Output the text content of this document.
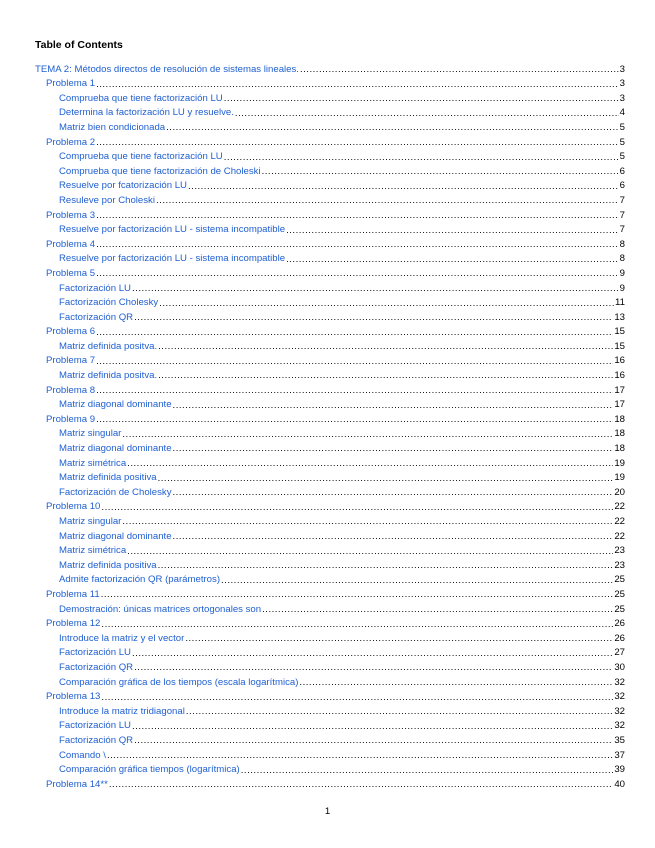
Table of Contents
TEMA 2: Métodos directos de resolución de sistemas lineales. .....	3
Problema 1 .....	3
Comprueba que tiene factorización LU .....	3
Determina la factorización LU y resuelve. .....	4
Matriz bien condicionada .....	5
Problema 2 .....	5
Comprueba que tiene factorización LU .....	5
Comprueba que tiene factorización de Choleski .....	6
Resuelve por fcatorización LU .....	6
Resuleve por Choleski .....	7
Problema 3 .....	7
Resuelve por factorización LU - sistema incompatible .....	7
Problema 4 .....	8
Resuelve por factorización LU - sistema incompatible .....	8
Problema 5 .....	9
Factorización LU .....	9
Factorización Cholesky .....	11
Factorización QR .....	13
Problema 6 .....	15
Matriz definida positva. .....	15
Problema 7 .....	16
Matriz definida positva. .....	16
Problema 8 .....	17
Matriz diagonal dominante .....	17
Problema 9 .....	18
Matriz singular .....	18
Matriz diagonal dominante .....	18
Matriz simétrica .....	19
Matriz definida positiva .....	19
Factorización de Cholesky .....	20
Problema 10 .....	22
Matriz singular .....	22
Matriz diagonal dominante .....	22
Matriz simétrica .....	23
Matriz definida positiva .....	23
Admite factorización QR (parámetros) .....	25
Problema 11 .....	25
Demostración: únicas matrices ortogonales son .....	25
Problema 12 .....	26
Introduce la matriz y el vector .....	26
Factorización LU .....	27
Factorización QR .....	30
Comparación gráfica de los tiempos (escala logarítmica) .....	32
Problema 13 .....	32
Introduce la matriz tridiagonal .....	32
Factorización LU .....	32
Factorización QR .....	35
Comando \ .....	37
Comparación gráfica tiempos (logarítmica) .....	39
Problema 14** .....	40
1
